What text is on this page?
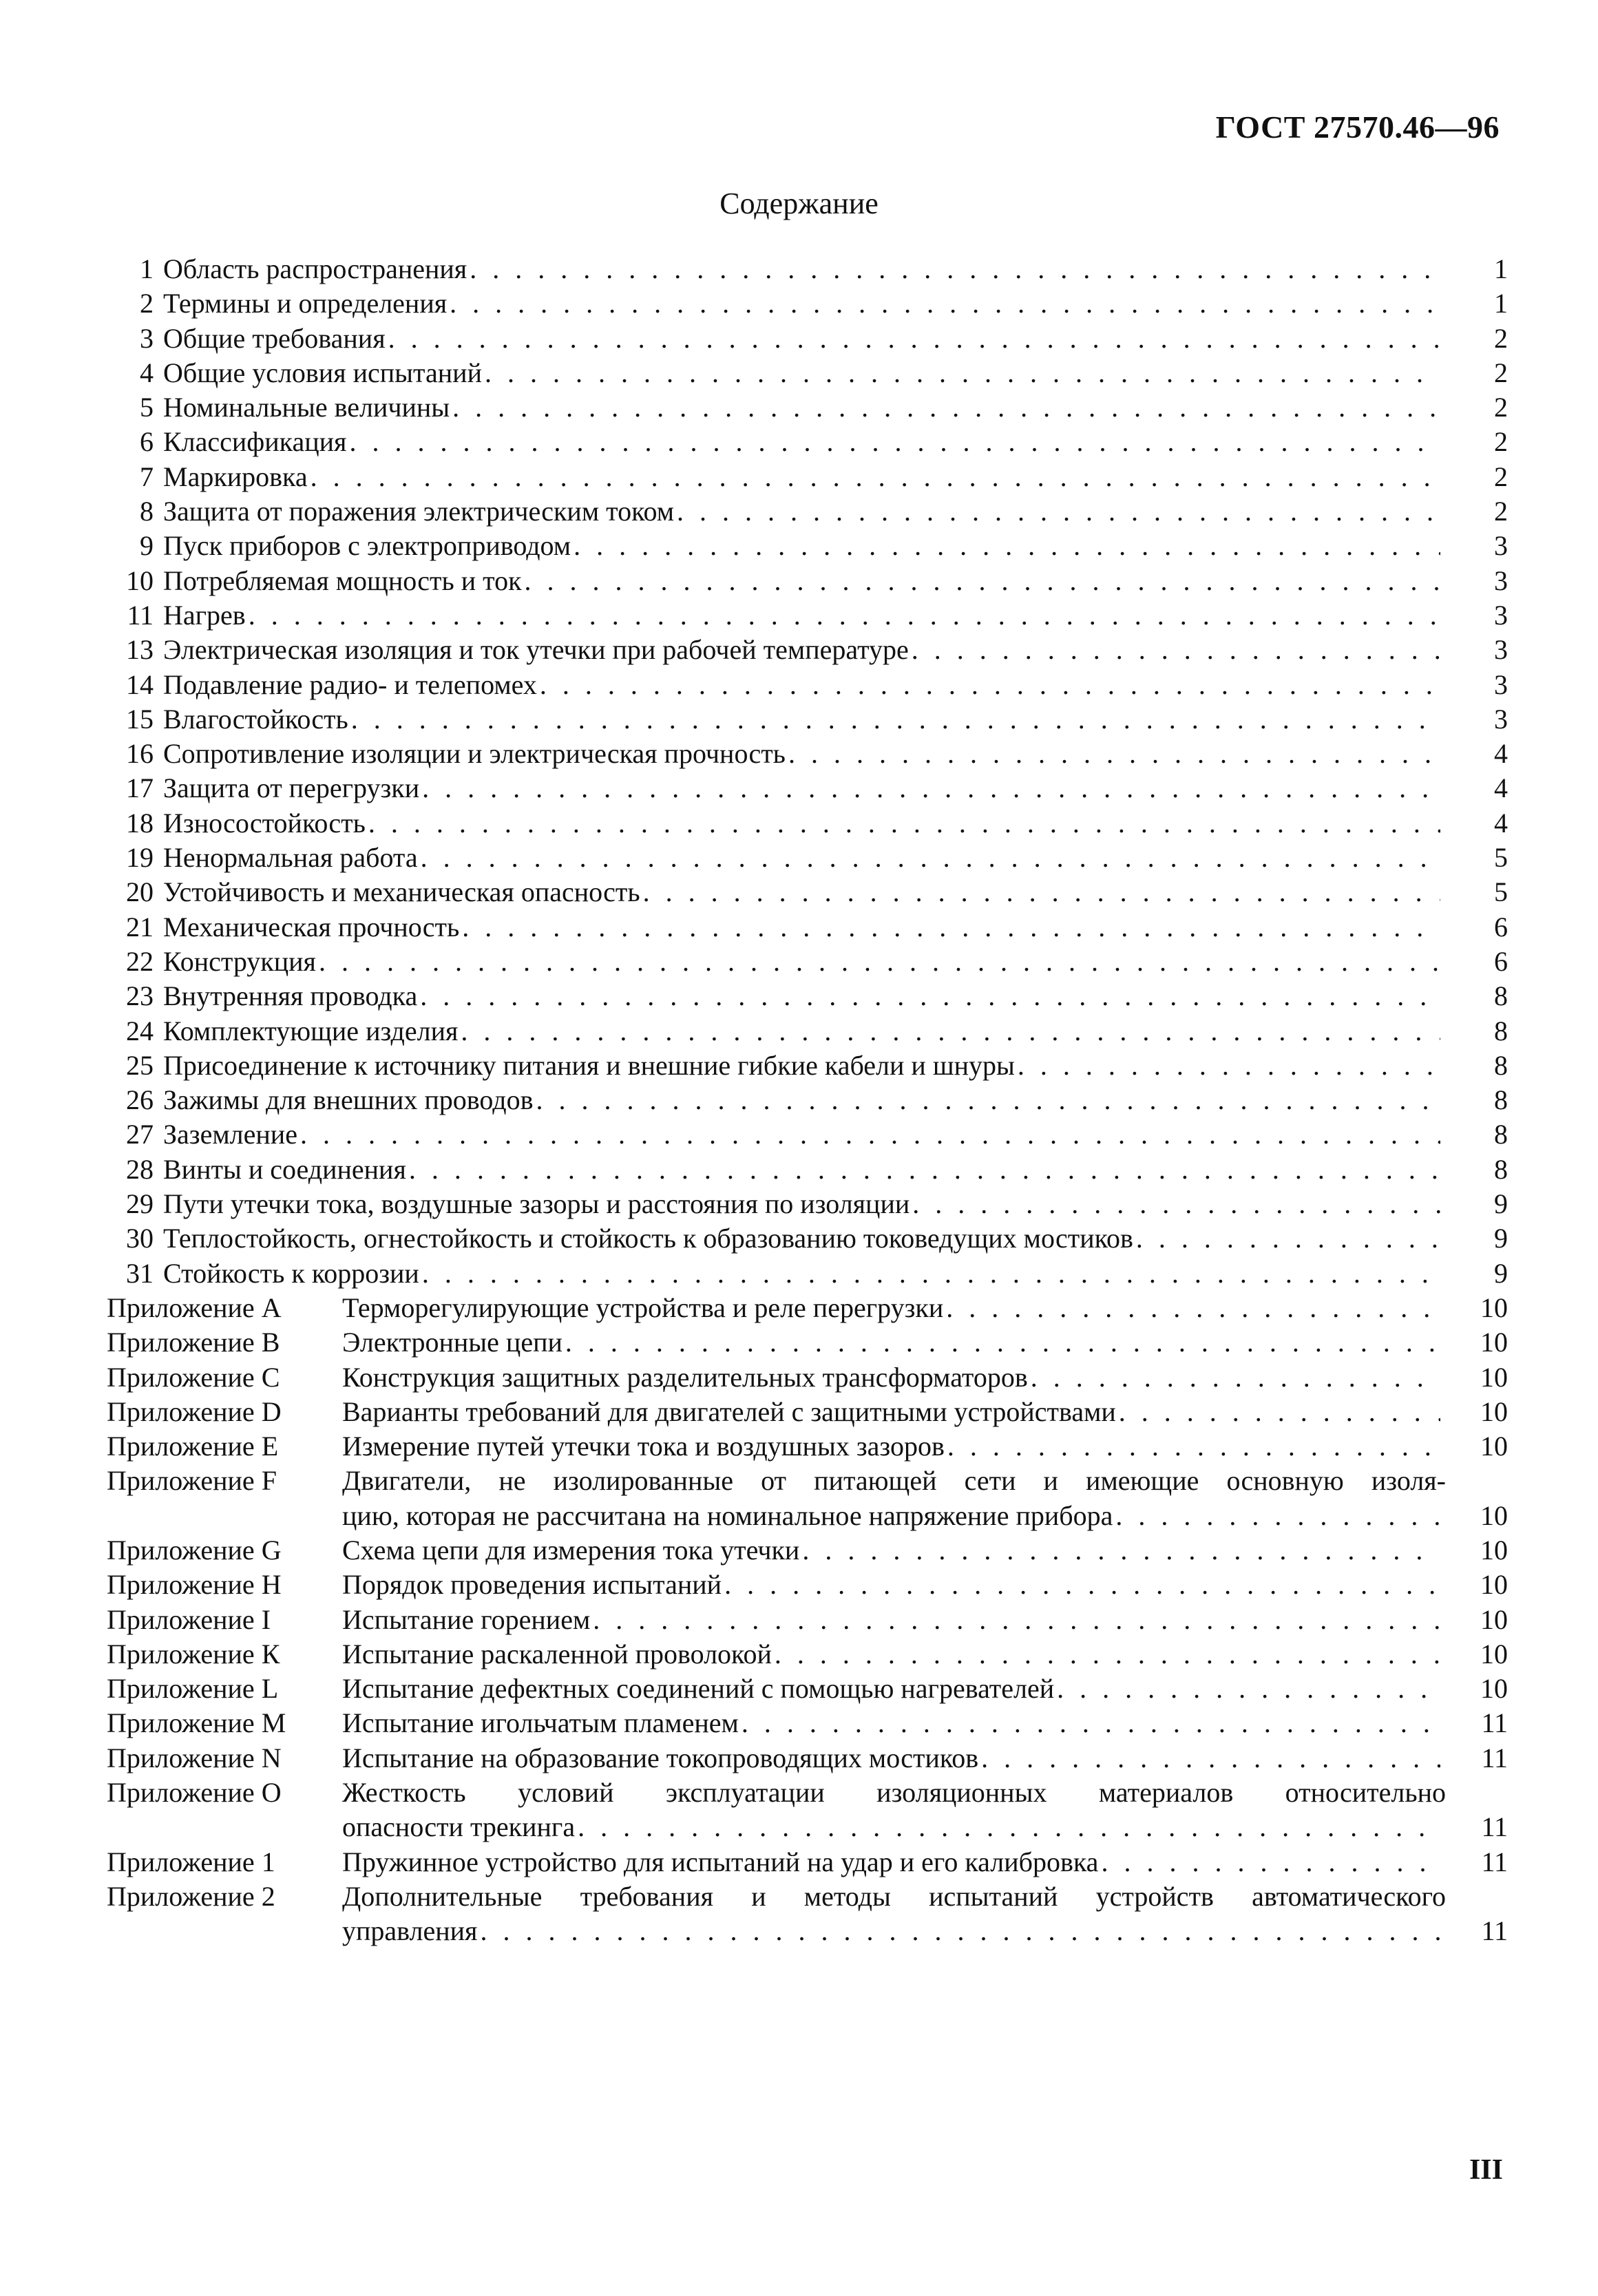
ГОСТ 27570.46—96
Содержание
1 Область распространения . . .	1
2 Термины и определения . . .	1
3 Общие требования . . .	2
4 Общие условия испытаний . . .	2
5 Номинальные величины . . .	2
6 Классификация . . .	2
7 Маркировка . . .	2
8 Защита от поражения электрическим током . . .	2
9 Пуск приборов с электроприводом . . .	3
10 Потребляемая мощность и ток . . .	3
11 Нагрев . . .	3
13 Электрическая изоляция и ток утечки при рабочей температуре . . .	3
14 Подавление радио- и телепомех . . .	3
15 Влагостойкость . . .	3
16 Сопротивление изоляции и электрическая прочность . . .	4
17 Защита от перегрузки . . .	4
18 Износостойкость . . .	4
19 Ненормальная работа . . .	5
20 Устойчивость и механическая опасность . . .	5
21 Механическая прочность . . .	6
22 Конструкция . . .	6
23 Внутренняя проводка . . .	8
24 Комплектующие изделия . . .	8
25 Присоединение к источнику питания и внешние гибкие кабели и шнуры . . .	8
26 Зажимы для внешних проводов . . .	8
27 Заземление . . .	8
28 Винты и соединения . . .	8
29 Пути утечки тока, воздушные зазоры и расстояния по изоляции . . .	9
30 Теплостойкость, огнестойкость и стойкость к образованию токоведущих мостиков . . .	9
31 Стойкость к коррозии . . .	9
Приложение А	Терморегулирующие устройства и реле перегрузки . . .	10
Приложение В	Электронные цепи . . .	10
Приложение С	Конструкция защитных разделительных трансформаторов . . .	10
Приложение D	Варианты требований для двигателей с защитными устройствами . . .	10
Приложение Е	Измерение путей утечки тока и воздушных зазоров . . .	10
Приложение F	Двигатели, не изолированные от питающей сети и имеющие основную изоля-
цию, которая не рассчитана на номинальное напряжение прибора . . .	10
Приложение G	Схема цепи для измерения тока утечки . . .	10
Приложение Н	Порядок проведения испытаний . . .	10
Приложение I	Испытание горением . . .	10
Приложение К	Испытание раскаленной проволокой . . .	10
Приложение L	Испытание дефектных соединений с помощью нагревателей . . .	10
Приложение М	Испытание игольчатым пламенем . . .	11
Приложение N	Испытание на образование токопроводящих мостиков . . .	11
Приложение О	Жесткость условий эксплуатации изоляционных материалов относительно
опасности трекинга . . .	11
Приложение 1	Пружинное устройство для испытаний на удар и его калибровка . . .	11
Приложение 2	Дополнительные требования и методы испытаний устройств автоматического
управления . . .	11
III
